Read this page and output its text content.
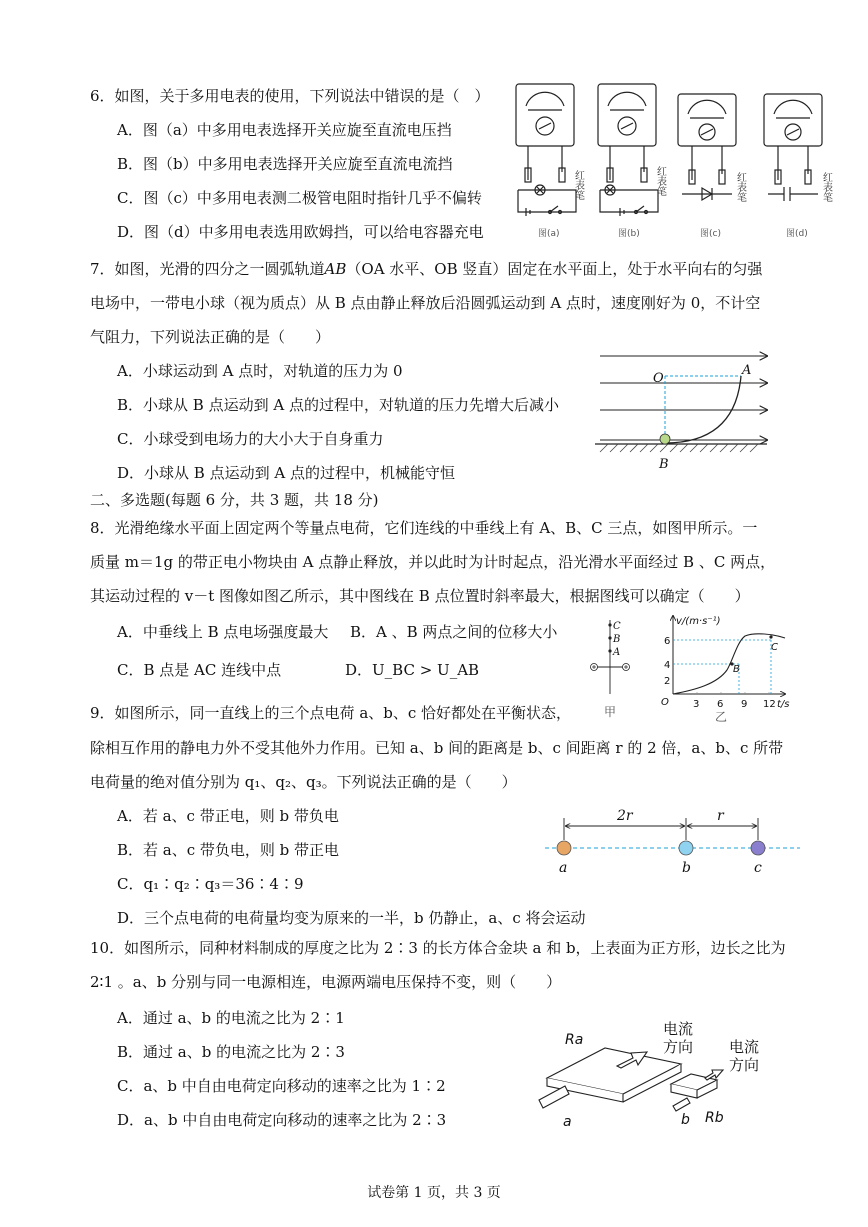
6．如图，关于多用电表的使用，下列说法中错误的是（　）
A．图（a）中多用电表选择开关应旋至直流电压挡
B．图（b）中多用电表选择开关应旋至直流电流挡
C．图（c）中多用电表测二极管电阻时指针几乎不偏转
D．图（d）中多用电表选用欧姆挡，可以给电容器充电
红表笔	红表笔	红表笔	红表笔
图(a)	图(b)	图(c)	图(d)
7．如图，光滑的四分之一圆弧轨道AB（OA 水平、OB 竖直）固定在水平面上，处于水平向右的匀强
电场中，一带电小球（视为质点）从 B 点由静止释放后沿圆弧运动到 A 点时，速度刚好为 0，不计空
气阻力，下列说法正确的是（　　）
A．小球运动到 A 点时，对轨道的压力为 0
B．小球从 B 点运动到 A 点的过程中，对轨道的压力先增大后减小
C．小球受到电场力的大小大于自身重力
D．小球从 B 点运动到 A 点的过程中，机械能守恒
O
A
B
二、多选题(每题 6 分，共 3 题，共 18 分)
8．光滑绝缘水平面上固定两个等量点电荷，它们连线的中垂线上有 A、B、C 三点，如图甲所示。一
质量 m＝1g 的带正电小物块由 A 点静止释放，并以此时为计时起点，沿光滑水平面经过 B 、C 两点，
其运动过程的 v－t 图像如图乙所示，其中图线在 B 点位置时斜率最大，根据图线可以确定（　　）
A．中垂线上 B 点电场强度最大 B．A 、B 两点之间的位移大小
C．B 点是 AC 连线中点	D．U_BC > U_AB
C
B
A
甲
v/(m·s⁻¹)
6
4
2
O 3 6 9 12 t/s
B
C
乙
9．如图所示，同一直线上的三个点电荷 a、b、c 恰好都处在平衡状态，
除相互作用的静电力外不受其他外力作用。已知 a、b 间的距离是 b、c 间距离 r 的 2 倍，a、b、c 所带
电荷量的绝对值分别为 q₁、q₂、q₃。下列说法正确的是（　　）
A．若 a、c 带正电，则 b 带负电
B．若 a、c 带负电，则 b 带正电
C．q₁∶q₂∶q₃＝36∶4∶9
D．三个点电荷的电荷量均变为原来的一半，b 仍静止，a、c 将会运动
2r	r
a	b	c
10．如图所示，同种材料制成的厚度之比为 2∶3 的长方体合金块 a 和 b，上表面为正方形，边长之比为
2∶1 。a、b 分别与同一电源相连，电源两端电压保持不变，则（　　）
A．通过 a、b 的电流之比为 2∶1
B．通过 a、b 的电流之比为 2∶3
C．a、b 中自由电荷定向移动的速率之比为 1∶2
D．a、b 中自由电荷定向移动的速率之比为 2∶3
Ra
电流
方向 电流
方向
a	b Rb
试卷第 1 页，共 3 页
